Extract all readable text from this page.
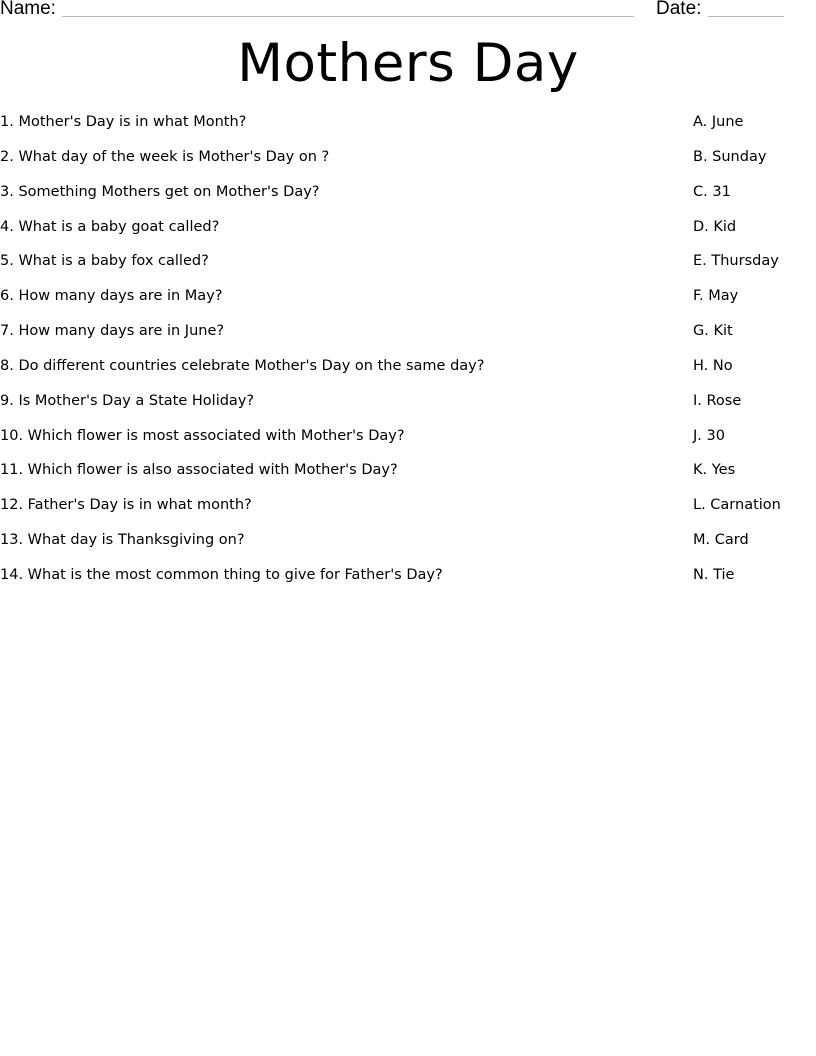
Name:	Date:
Mothers Day
1. Mother's Day is in what Month?
2. What day of the week is Mother's Day on ?
3. Something Mothers get on Mother's Day?
4. What is a baby goat called?
5. What is a baby fox called?
6. How many days are in May?
7. How many days are in June?
8. Do different countries celebrate Mother's Day on the same day?
9. Is Mother's Day a State Holiday?
10. Which flower is most associated with Mother's Day?
11. Which flower is also associated with Mother's Day?
12. Father's Day is in what month?
13. What day is Thanksgiving on?
14. What is the most common thing to give for Father's Day?
A. June
B. Sunday
C. 31
D. Kid
E. Thursday
F. May
G. Kit
H. No
I. Rose
J. 30
K. Yes
L. Carnation
M. Card
N. Tie
